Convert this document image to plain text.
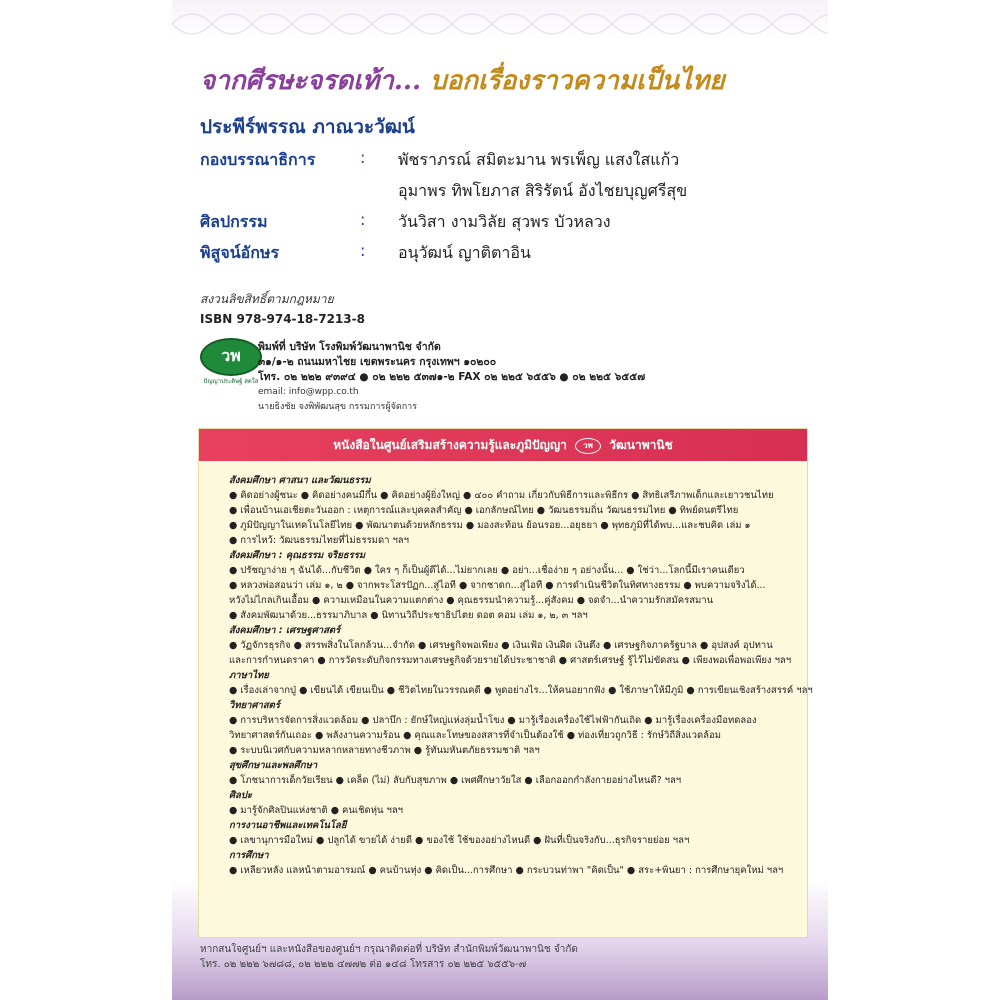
จากศีรษะจรดเท้า... บอกเรื่องราวความเป็นไทย
ประพีร์พรรณ ภาณวะวัฒน์
กองบรรณาธิการ	: พัชราภรณ์ สมิตะมาน พรเพ็ญ แสงใสแก้ว
อุมาพร ทิพโยภาส สิริรัตน์ อังไชยบุญศรีสุข
ศิลปกรรม	: วันวิสา งามวิลัย สุวพร บัวหลวง
พิสูจน์อักษร	: อนุวัฒน์ ญาติตาอิน
สงวนลิขสิทธิ์ตามกฎหมาย
ISBN 978-974-18-7213-8
วพ
ปัญญาประดิษฐ์ สดใส
พิมพ์ที่ บริษัท โรงพิมพ์วัฒนาพานิช จำกัด
๓๑/๑-๒ ถนนมหาไชย เขตพระนคร กรุงเทพฯ ๑๐๒๐๐
โทร. ๐๒ ๒๒๒ ๙๓๙๔ ● ๐๒ ๒๒๒ ๕๓๗๑-๒ FAX ๐๒ ๒๒๕ ๖๕๕๖ ● ๐๒ ๒๒๕ ๖๕๕๗
email: info@wpp.co.th
นายธิงชัย จงพิพัฒนสุข กรรมการผู้จัดการ
หนังสือในศูนย์เสริมสร้างความรู้และภูมิปัญญา วพ วัฒนาพานิช
สังคมศึกษา ศาสนา และวัฒนธรรม
● คิดอย่างผู้ชนะ ● คิดอย่างคนมีกึ๋น ● คิดอย่างผู้ยิ่งใหญ่ ● ๔๐๐ คำถาม เกี่ยวกับพิธีการและพิธีกร ● สิทธิเสรีภาพเด็กและเยาวชนไทย
● เพื่อนบ้านเอเชียตะวันออก : เหตุการณ์และบุคคลสำคัญ ● เอกลักษณ์ไทย ● วัฒนธรรมถิ่น วัฒนธรรมไทย ● ทิพย์ดนตรีไทย
● ภูมิปัญญาในเทคโนโลยีไทย ● พัฒนาตนด้วยหลักธรรม ● มองสะท้อน ย้อนรอย...อยุธยา ● พุทธภูมิที่ได้พบ...และชบคิด เล่ม ๑
● การไหว้: วัฒนธรรมไทยที่ไม่ธรรมดา ฯลฯ
สังคมศึกษา : คุณธรรม จริยธรรม
● ปรัชญาง่าย ๆ ฉันได้...กับชีวิต ● ใคร ๆ ก็เป็นผู้ดีได้...ไม่ยากเลย ● อย่า...เชื่อง่าย ๆ อย่างนั้น... ● ใช่ว่า...โลกนี้มีเราคนเดียว
● หลวงพ่อสอนว่า เล่ม ๑, ๒ ● จากพระโสรปัฏก...สู่ไอที ● จากชาดก...สู่ไอที ● การดำเนินชีวิตในทิศทางธรรม ● พบความจริงได้...
หวังไม่ไกลเกินเอื้อม ● ความเหมือนในความแตกต่าง ● คุณธรรมนำความรู้...คู่สังคม ● จดจำ...นำความรักสมัครสมาน
● สังคมพัฒนาด้วย...ธรรมาภิบาล ● นิทานวิถีประชาธิปไตย ดอต คอม เล่ม ๑, ๒, ๓ ฯลฯ
สังคมศึกษา : เศรษฐศาสตร์
● วัฏจักรธุรกิจ ● สรรพสิ่งในโลกล้วน...จำกัด ● เศรษฐกิจพอเพียง ● เงินเฟ้อ เงินฝืด เงินตึง ● เศรษฐกิจภาคร้ฐบาล ● อุปสงค์ อุปทาน
และการกำหนดราคา ● การวัดระดับกิจกรรมทางเศรษฐกิจด้วยรายได้ประชาชาติ ● ศาสตร์เศรษฐ์ รู้ไว้ไม่ขัดสน ● เพียงพอเพื่อพอเพียง ฯลฯ
ภาษาไทย
● เรื่องเล่าจากปู่ ● เขียนได้ เขียนเป็น ● ชีวิตไทยในวรรณคดี ● พูดอย่างไร...ให้คนอยากฟัง ● ใช้ภาษาให้มีภูมิ ● การเขียนเชิงสร้างสรรค์ ฯลฯ
วิทยาศาสตร์
● การบริหารจัดการสิ่งแวดล้อม ● ปลาบึก : ยักษ์ใหญ่แห่งลุ่มน้ำโขง ● มารู้เรื่องเครื่องใช้ไฟฟ้ากันเถิด ● มารู้เรื่องเครื่องมือทดลอง
วิทยาศาสตร์กันเถอะ ● พลังงานความร้อน ● คุณและโทษของสสารที่จำเป็นต้องใช้ ● ท่องเที่ยวถูกวิธี : รักษ์วิถีสิ่งแวดล้อม
● ระบบนิเวศกับความหลากหลายทางชีวภาพ ● รู้ทันมหันตภัยธรรมชาติ ฯลฯ
สุขศึกษาและพลศึกษา
● โภชนาการเด็กวัยเรียน ● เคล็ด (ไม่) ลับกับสุขภาพ ● เพศศึกษาวัยใส ● เลือกออกกำลังกายอย่างไหนดี? ฯลฯ
ศิลปะ
● มารู้จักศิลปินแห่งชาติ ● คนเชิดหุ่น ฯลฯ
การงานอาชีพและเทคโนโลยี
● เลขานุการมือใหม่ ● ปลูกได้ ขายได้ ง่ายดี ● ของใช้ ใช้ของอย่างไหนดี ● ฝันที่เป็นจริงกับ...ธุรกิจรายย่อย ฯลฯ
การศึกษา
● เหลียวหลัง แลหน้าตามอารมณ์ ● คนบ้านทุ่ง ● คิดเป็น...การศึกษา ● กระบวนท่าพา "คิดเป็น" ● สระ+พินยา : การศึกษายุคใหม่ ฯลฯ
หากสนใจศูนย์ฯ และหนังสือของศูนย์ฯ กรุณาติดต่อที่ บริษัท สำนักพิมพ์วัฒนาพานิช จำกัด
โทร. ๐๒ ๒๒๒ ๖๗๘๘, ๐๒ ๒๒๒ ๔๗๗๒ ต่อ ๑๔๘ โทรสาร ๐๒ ๒๒๕ ๖๕๕๖-๗
